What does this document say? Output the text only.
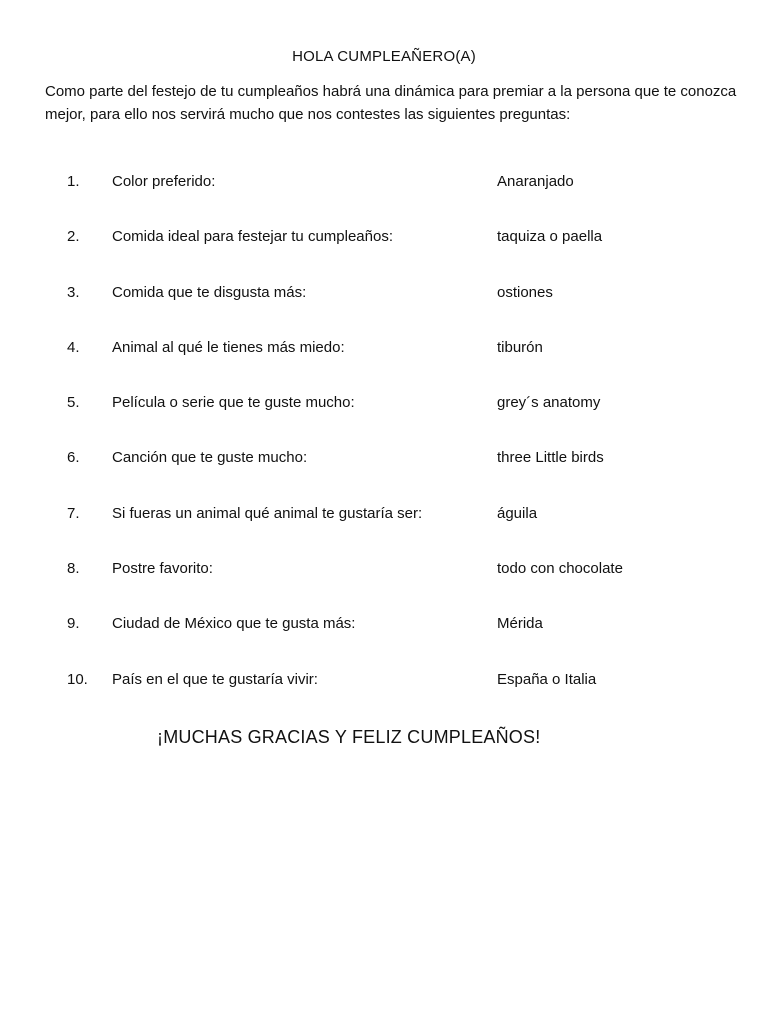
HOLA CUMPLEAÑERO(A)
Como parte del festejo de tu cumpleaños habrá una dinámica para premiar a la persona que te conozca mejor, para ello nos servirá mucho que nos contestes las siguientes preguntas:
1. Color preferido:	Anaranjado
2. Comida ideal para festejar tu cumpleaños:	taquiza o paella
3. Comida que te disgusta más:	ostiones
4. Animal al qué le tienes más miedo:	tiburón
5. Película o serie que te guste mucho:	grey´s anatomy
6. Canción que te guste mucho:	three Little birds
7. Si fueras un animal qué animal te gustaría ser:	águila
8. Postre favorito:	todo con chocolate
9. Ciudad de México que te gusta más:	Mérida
10. País en el que te gustaría vivir:	España o Italia
¡MUCHAS GRACIAS Y FELIZ CUMPLEAÑOS!
